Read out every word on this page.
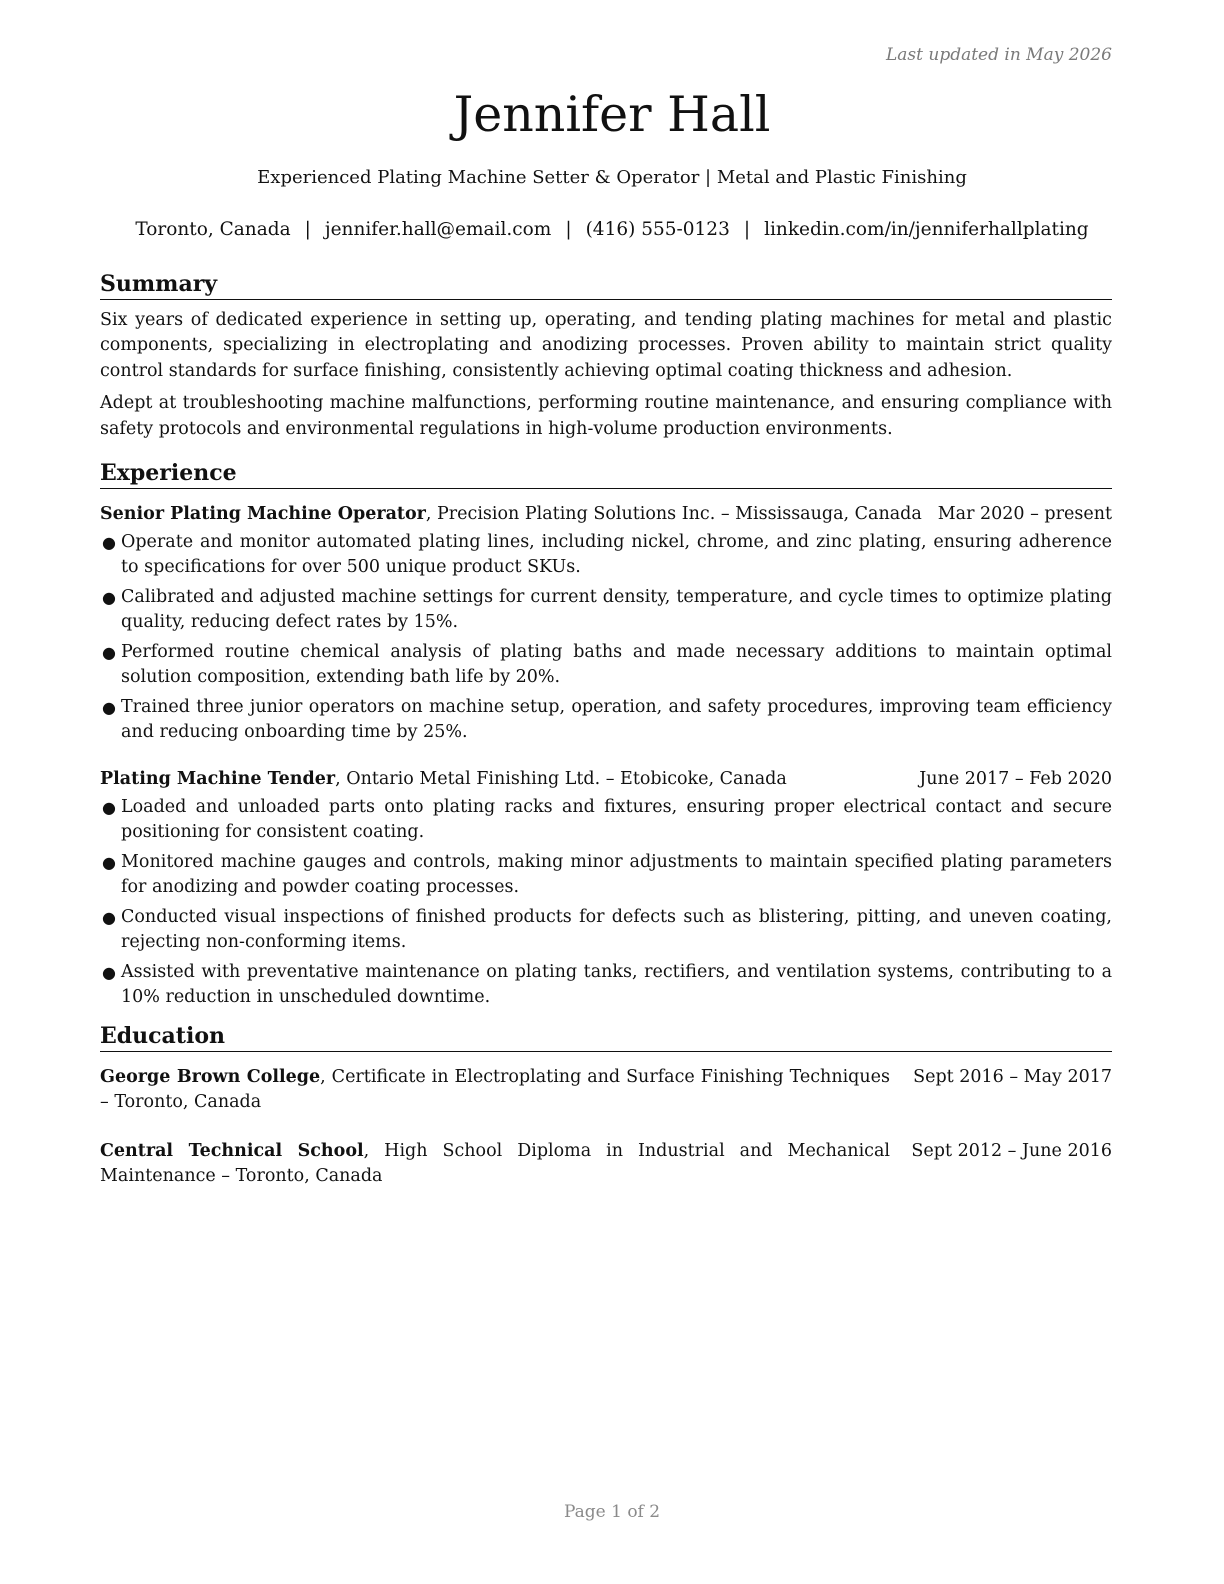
Last updated in May 2026
Jennifer Hall
Experienced Plating Machine Setter & Operator | Metal and Plastic Finishing
Toronto, Canada | jennifer.hall@email.com | (416) 555-0123 | linkedin.com/in/jenniferhallplating
Summary

Six years of dedicated experience in setting up, operating, and tending plating machines for metal and plastic components, specializing in electroplating and anodizing processes. Proven ability to maintain strict quality control standards for surface finishing, consistently achieving optimal coating thickness and adhesion.

Adept at troubleshooting machine malfunctions, performing routine maintenance, and ensuring compliance with safety protocols and environmental regulations in high-volume production environments.

Experience
Senior Plating Machine Operator, Precision Plating Solutions Inc. – Mississauga, Canada Mar 2020 – present
● Operate and monitor automated plating lines, including nickel, chrome, and zinc plating, ensuring adherence to specifications for over 500 unique product SKUs.
● Calibrated and adjusted machine settings for current density, temperature, and cycle times to optimize plating quality, reducing defect rates by 15%.
● Performed routine chemical analysis of plating baths and made necessary additions to maintain optimal solution composition, extending bath life by 20%.
● Trained three junior operators on machine setup, operation, and safety procedures, improving team efficiency and reducing onboarding time by 25%.
Plating Machine Tender, Ontario Metal Finishing Ltd. – Etobicoke, Canada	June 2017 – Feb 2020
● Loaded and unloaded parts onto plating racks and fixtures, ensuring proper electrical contact and secure positioning for consistent coating.
● Monitored machine gauges and controls, making minor adjustments to maintain specified plating parameters for anodizing and powder coating processes.
● Conducted visual inspections of finished products for defects such as blistering, pitting, and uneven coating, rejecting non-conforming items.
● Assisted with preventative maintenance on plating tanks, rectifiers, and ventilation systems, contributing to a 10% reduction in unscheduled downtime.
Education
George Brown College, Certificate in Electroplating and Surface Finishing Techniques – Toronto, Canada
Sept 2016 – May 2017
Central Technical School, High School Diploma in Industrial and Mechanical Maintenance – Toronto, Canada
Sept 2012 – June 2016
Page 1 of 2
